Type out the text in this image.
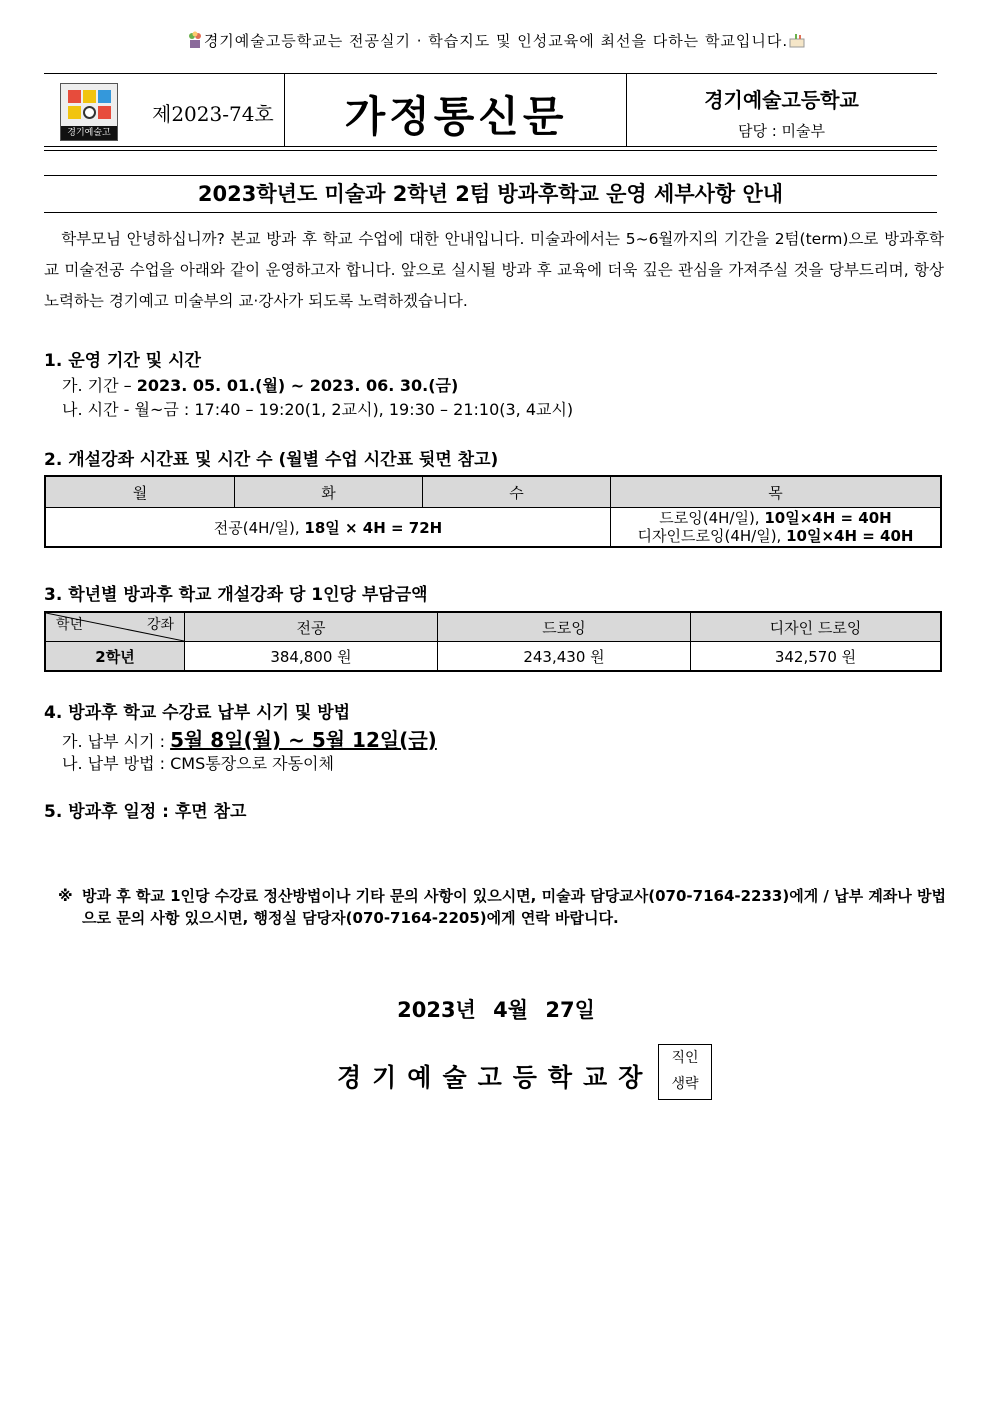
경기예술고등학교는 전공실기 · 학습지도 및 인성교육에 최선을 다하는 학교입니다.
경기예술고
제2023-74호	가정통신문	경기예술고등학교
담당 : 미술부
2023학년도 미술과 2학년 2텀 방과후학교 운영 세부사항 안내
학부모님 안녕하십니까? 본교 방과 후 학교 수업에 대한 안내입니다. 미술과에서는 5~6월까지의 기간을 2텀(term)으로 방과후학교 미술전공 수업을 아래와 같이 운영하고자 합니다. 앞으로 실시될 방과 후 교육에 더욱 깊은 관심을 가져주실 것을 당부드리며, 항상 노력하는 경기예고 미술부의 교·강사가 되도록 노력하겠습니다.
1. 운영 기간 및 시간
가. 기간 – 2023. 05. 01.(월) ~ 2023. 06. 30.(금)
나. 시간 - 월~금 : 17:40 – 19:20(1, 2교시), 19:30 – 21:10(3, 4교시)
2. 개설강좌 시간표 및 시간 수 (월별 수업 시간표 뒷면 참고)
월	화	수	목
전공(4H/일), 18일 × 4H = 72H			드로잉(4H/일), 10일×4H = 40H
디자인드로잉(4H/일), 10일×4H = 40H
3. 학년별 방과후 학교 개설강좌 당 1인당 부담금액
학년 강좌	전공	드로잉	디자인 드로잉
2학년	384,800 원	243,430 원	342,570 원
4. 방과후 학교 수강료 납부 시기 및 방법
가. 납부 시기 : 5월 8일(월) ~ 5월 12일(금)
나. 납부 방법 : CMS통장으로 자동이체
5. 방과후 일정 : 후면 참고
※ 방과 후 학교 1인당 수강료 정산방법이나 기타 문의 사항이 있으시면, 미술과 담당교사(070-7164-2233)에게 / 납부 계좌나 방법으로 문의 사항 있으시면, 행정실 담당자(070-7164-2205)에게 연락 바랍니다.
2023년 4월 27일
경기예술고등학교장
직인
생략
